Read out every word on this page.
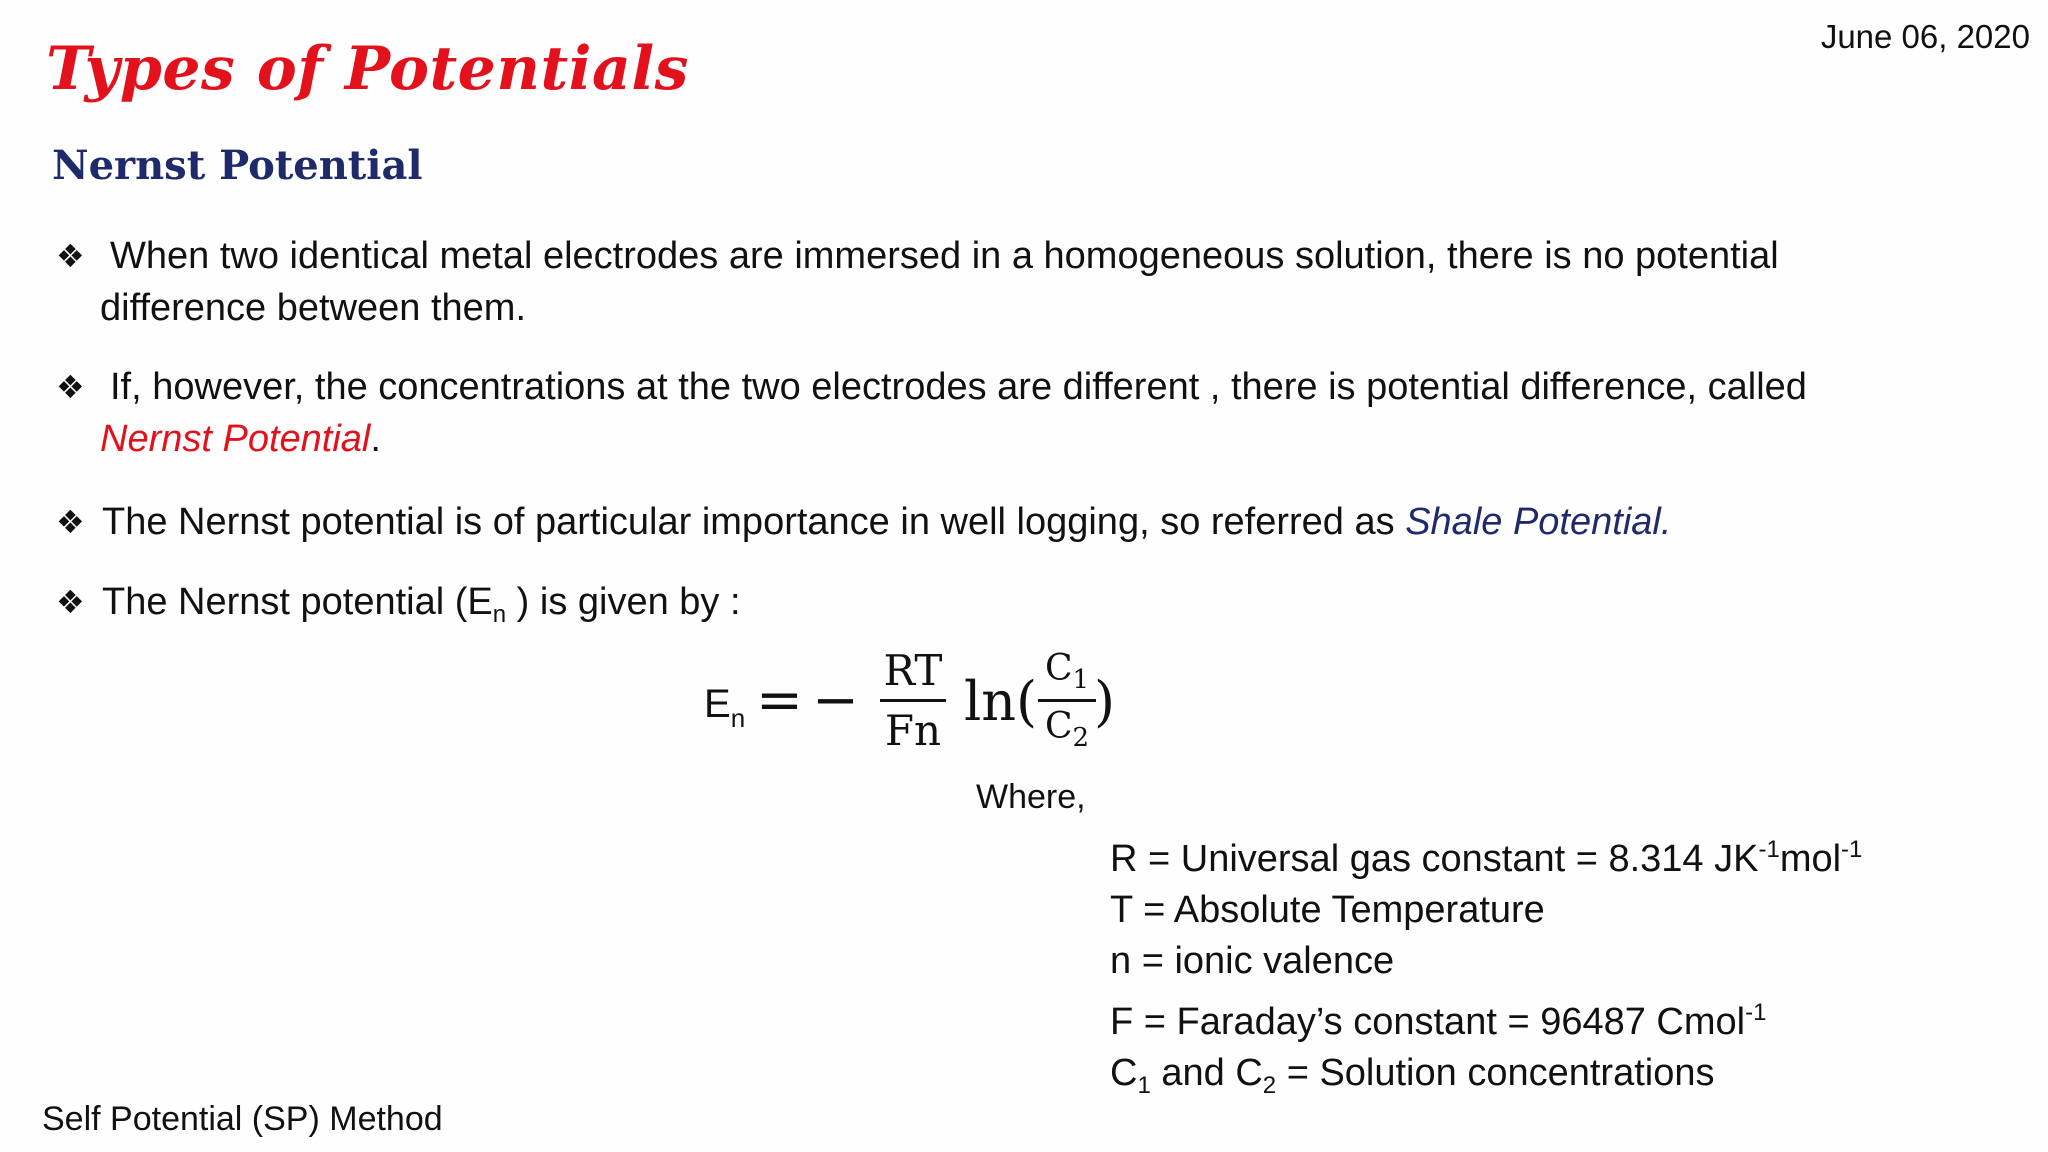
June 06, 2020
Types of Potentials
Nernst Potential
❖ When two identical metal electrodes are immersed in a homogeneous solution, there is no potential
difference between them.
❖ If, however, the concentrations at the two electrodes are different , there is potential difference, called
Nernst Potential.
❖ The Nernst potential is of particular importance in well logging, so referred as Shale Potential.
❖ The Nernst potential ($E_n$ ) is given by :
$E_n$ = − RT
Fn ln(
$C_1$
$C_2$
)
Where,
R = Universal gas constant = 8.314 $JK^{-1}mol^{-1}$
T = Absolute Temperature
n = ionic valence
F = Faraday’s constant = 96487 Cmol$^{-1}$
$C_1$ and $C_2$ = Solution concentrations
Self Potential (SP) Method
